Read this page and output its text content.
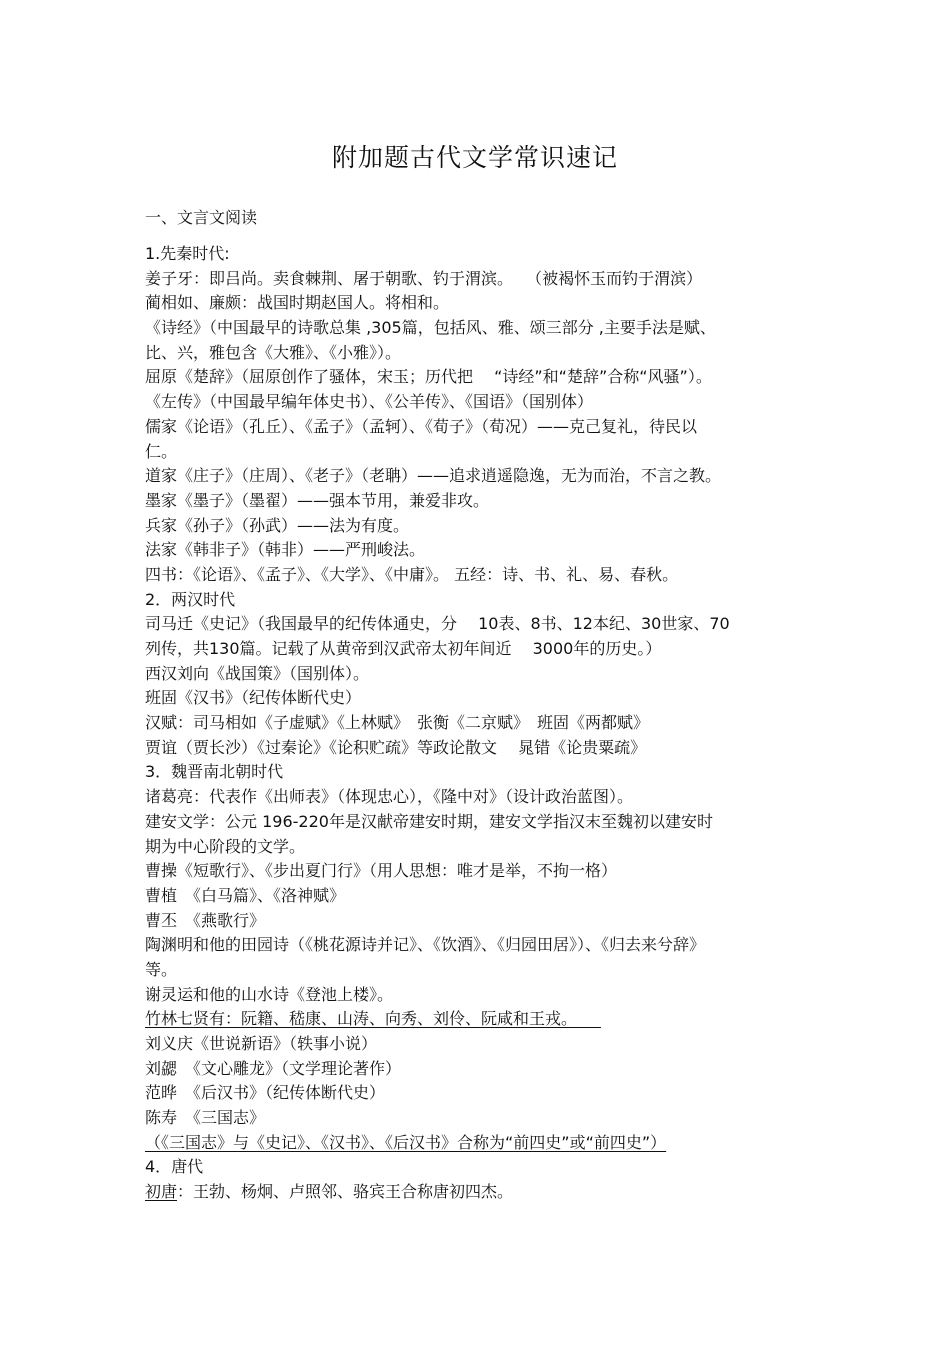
附加题古代文学常识速记
一、文言文阅读
1.先秦时代:
姜子牙：即吕尚。卖食棘荆、屠于朝歌、钓于渭滨。　 （被褐怀玉而钓于渭滨）
蔺相如、廉颇：战国时期赵国人。将相和。
《诗经》（中国最早的诗歌总集 ,305篇，包括风、雅、颂三部分 ,主要手法是赋、
比、兴，雅包含《大雅》、《小雅》）。
屈原《楚辞》（屈原创作了骚体，宋玉；历代把　 “诗经”和“楚辞”合称“风骚”）。
《左传》（中国最早编年体史书）、《公羊传》、《国语》（国别体）
儒家《论语》（孔丘）、《孟子》（孟轲）、《荀子》（荀况）——克己复礼，待民以
仁。
道家《庄子》（庄周）、《老子》（老聃）——追求逍遥隐逸，无为而治，不言之教。
墨家《墨子》（墨翟）——强本节用，兼爱非攻。
兵家《孙子》（孙武）——法为有度。
法家《韩非子》（韩非）——严刑峻法。
四书：《论语》、《孟子》、《大学》、《中庸》。 五经：诗、书、礼、易、春秋。
2．两汉时代
司马迁《史记》（我国最早的纪传体通史，分　 10表、8书、12本纪、30世家、70
列传，共130篇。记载了从黄帝到汉武帝太初年间近　 3000年的历史。）
西汉刘向《战国策》（国别体）。
班固《汉书》（纪传体断代史）
汉赋：司马相如《子虚赋》《上林赋》　张衡《二京赋》　班固《两都赋》
贾谊（贾长沙）《过秦论》《论积贮疏》等政论散文　 晁错《论贵粟疏》
3．魏晋南北朝时代
诸葛亮：代表作《出师表》（体现忠心），《隆中对》（设计政治蓝图）。
建安文学：公元 196-220年是汉献帝建安时期，建安文学指汉末至魏初以建安时
期为中心阶段的文学。
曹操《短歌行》、《步出夏门行》（用人思想：唯才是举，不拘一格）
曹植　《白马篇》、《洛神赋》
曹丕　《燕歌行》
陶渊明和他的田园诗（《桃花源诗并记》、《饮酒》、《归园田居》）、《归去来兮辞》
等。
谢灵运和他的山水诗《登池上楼》。
竹林七贤有：阮籍、嵇康、山涛、向秀、刘伶、阮咸和王戎。　　
刘义庆《世说新语》（轶事小说）
刘勰　《文心雕龙》（文学理论著作）
范晔　《后汉书》（纪传体断代史）
陈寿　《三国志》
（《三国志》与《史记》、《汉书》、《后汉书》合称为“前四史”或“前四史”）
4．唐代
初唐：王勃、杨炯、卢照邻、骆宾王合称唐初四杰。
